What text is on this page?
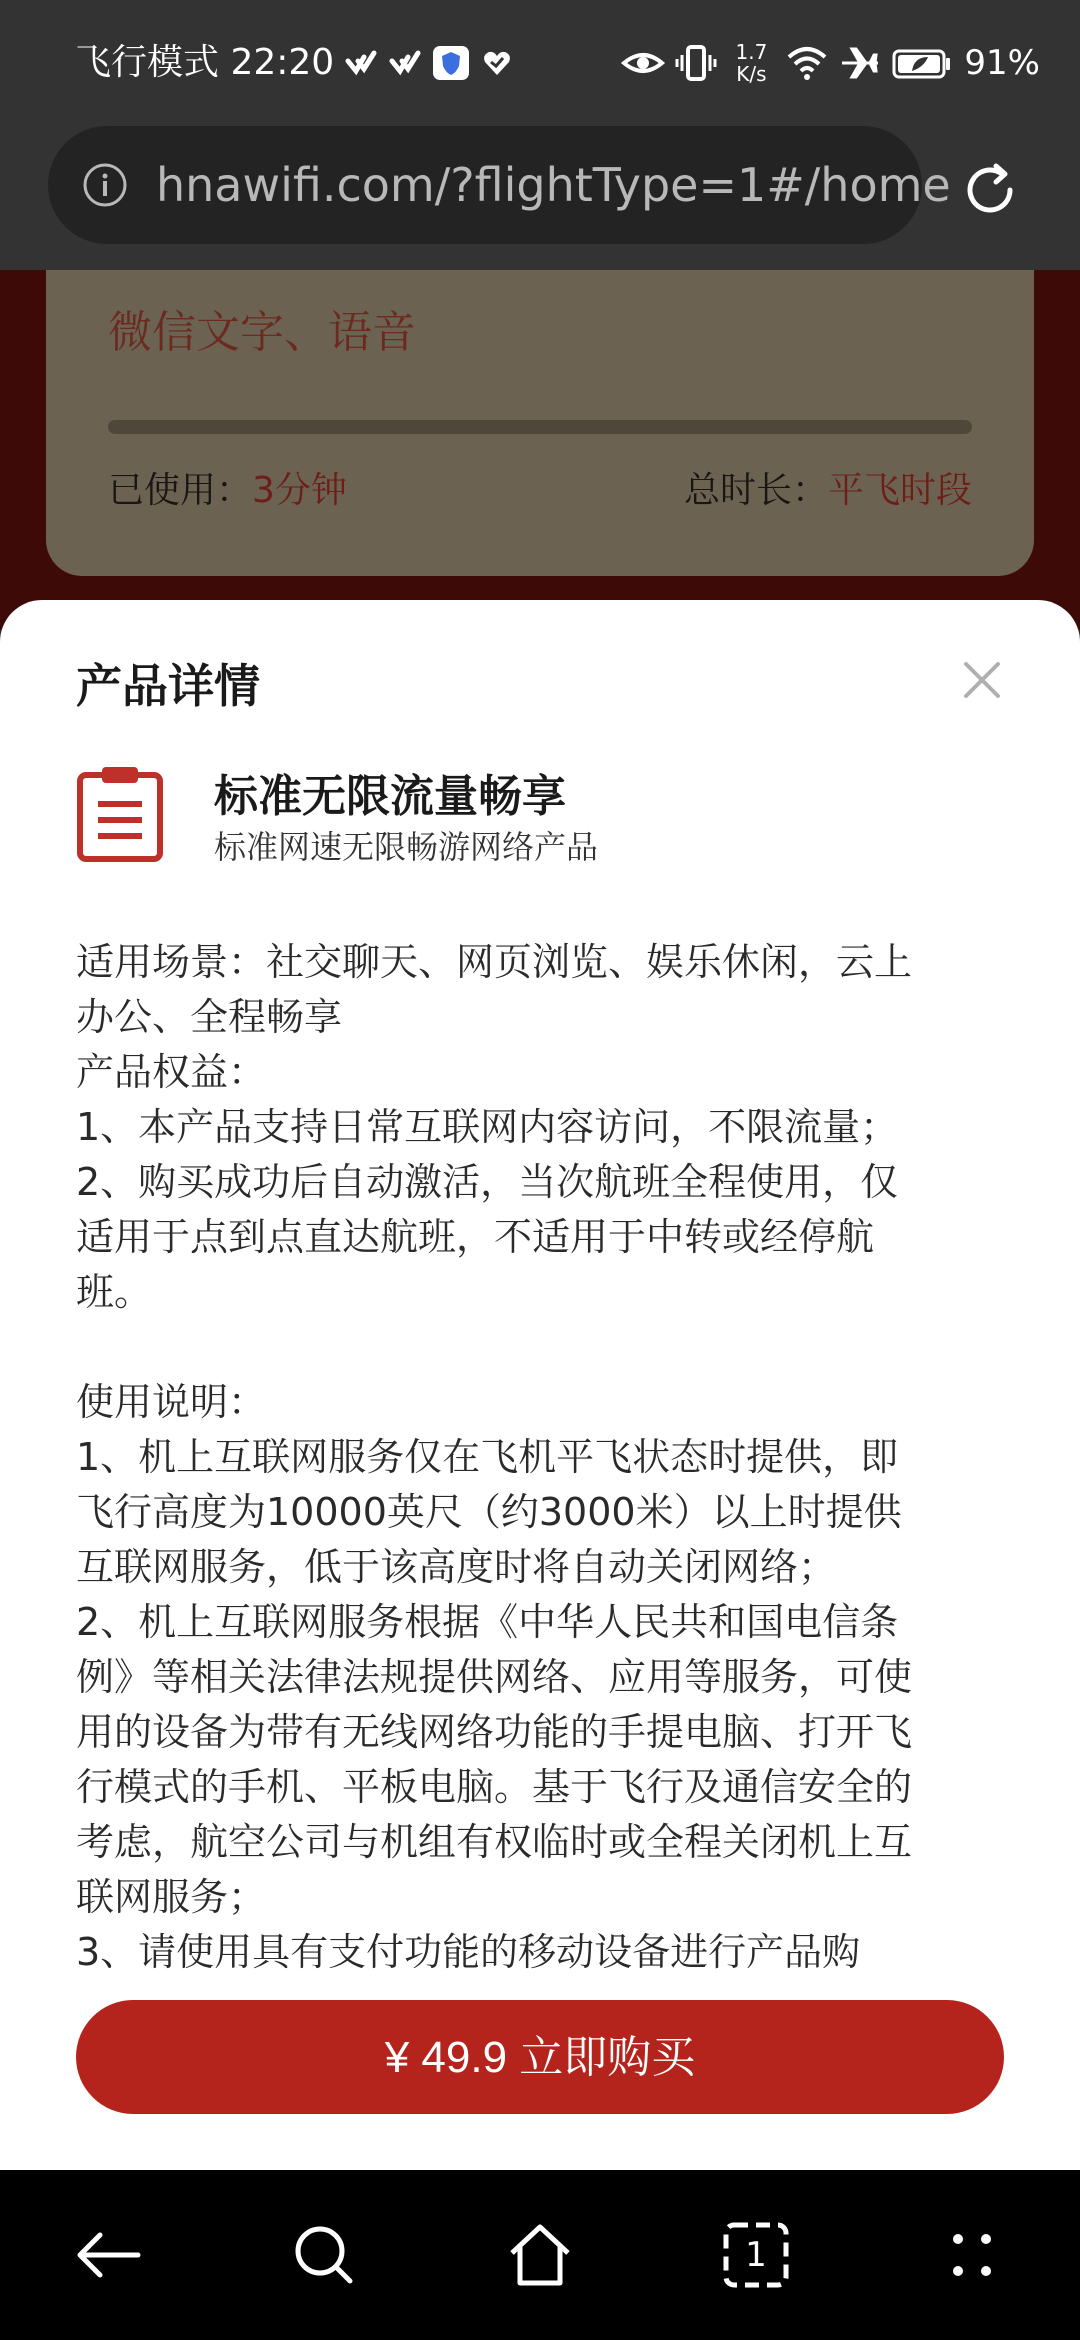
飞行模式 22:20	1.7
K/s	91%
hnawifi.com/?flightType=1#/home
微信文字、语音
已使用：3分钟	总时长：平飞时段
产品详情
标准无限流量畅享
标准网速无限畅游网络产品
适用场景：社交聊天、网页浏览、娱乐休闲，云上
办公、全程畅享
产品权益：
1、本产品支持日常互联网内容访问，不限流量；
2、购买成功后自动激活，当次航班全程使用，仅
适用于点到点直达航班，不适用于中转或经停航
班。
使用说明：
1、机上互联网服务仅在飞机平飞状态时提供，即
飞行高度为10000英尺（约3000米）以上时提供
互联网服务，低于该高度时将自动关闭网络；
2、机上互联网服务根据《中华人民共和国电信条
例》等相关法律法规提供网络、应用等服务，可使
用的设备为带有无线网络功能的手提电脑、打开飞
行模式的手机、平板电脑。基于飞行及通信安全的
考虑，航空公司与机组有权临时或全程关闭机上互
联网服务；
3、请使用具有支付功能的移动设备进行产品购
¥ 49.9 立即购买
1
